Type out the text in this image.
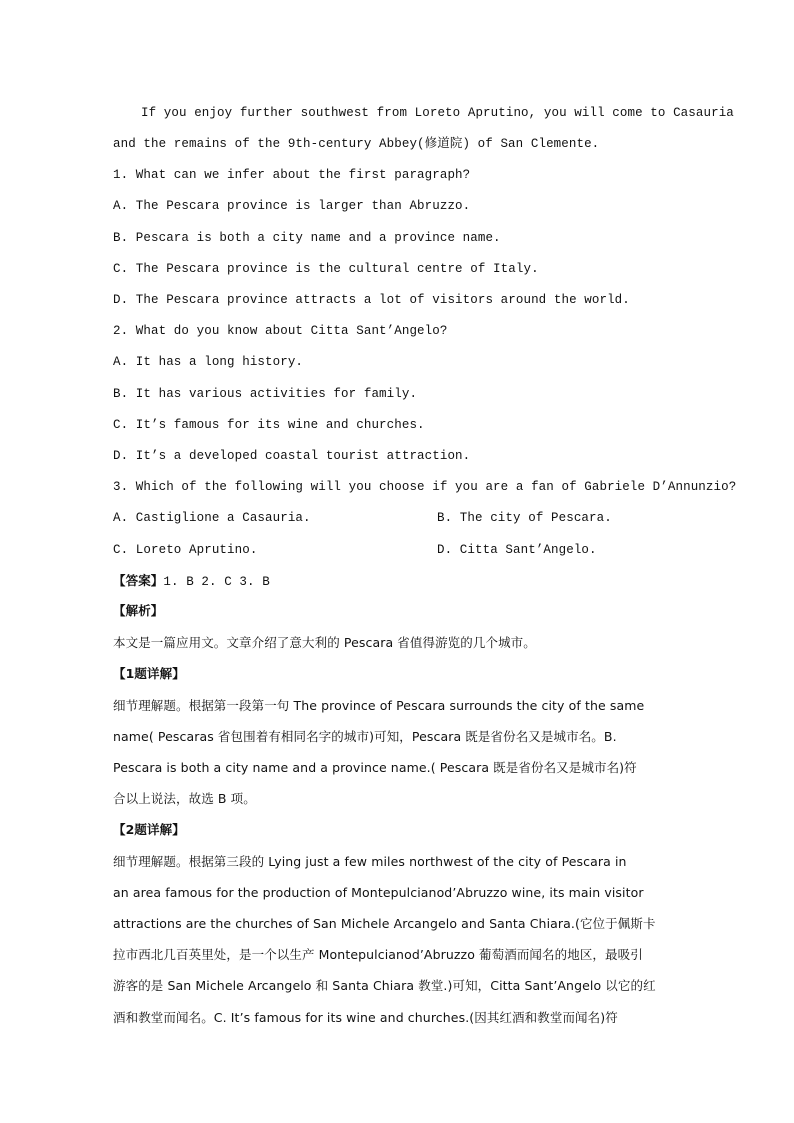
If you enjoy further southwest from Loreto Aprutino, you will come to Casauria
and the remains of the 9th-century Abbey(修道院) of San Clemente.
1. What can we infer about the first paragraph?
A. The Pescara province is larger than Abruzzo.
B. Pescara is both a city name and a province name.
C. The Pescara province is the cultural centre of Italy.
D. The Pescara province attracts a lot of visitors around the world.
2. What do you know about Citta Sant’Angelo?
A. It has a long history.
B. It has various activities for family.
C. It’s famous for its wine and churches.
D. It’s a developed coastal tourist attraction.
3. Which of the following will you choose if you are a fan of Gabriele D’Annunzio?
A. Castiglione a Casauria.	B. The city of Pescara.
C. Loreto Aprutino.	D. Citta Sant’Angelo.
【答案】1. B 2. C 3. B
【解析】
本文是一篇应用文。文章介绍了意大利的 Pescara 省值得游览的几个城市。
【1题详解】
细节理解题。根据第一段第一句 The province of Pescara surrounds the city of the same
name( Pescaras 省包围着有相同名字的城市)可知，Pescara 既是省份名又是城市名。B.
Pescara is both a city name and a province name.( Pescara 既是省份名又是城市名)符
合以上说法，故选 B 项。
【2题详解】
细节理解题。根据第三段的 Lying just a few miles northwest of the city of Pescara in
an area famous for the production of Montepulcianod’Abruzzo wine, its main visitor
attractions are the churches of San Michele Arcangelo and Santa Chiara.(它位于佩斯卡
拉市西北几百英里处，是一个以生产 Montepulcianod’Abruzzo 葡萄酒而闻名的地区，最吸引
游客的是 San Michele Arcangelo 和 Santa Chiara 教堂.)可知，Citta Sant’Angelo 以它的红
酒和教堂而闻名。C. It’s famous for its wine and churches.(因其红酒和教堂而闻名)符
